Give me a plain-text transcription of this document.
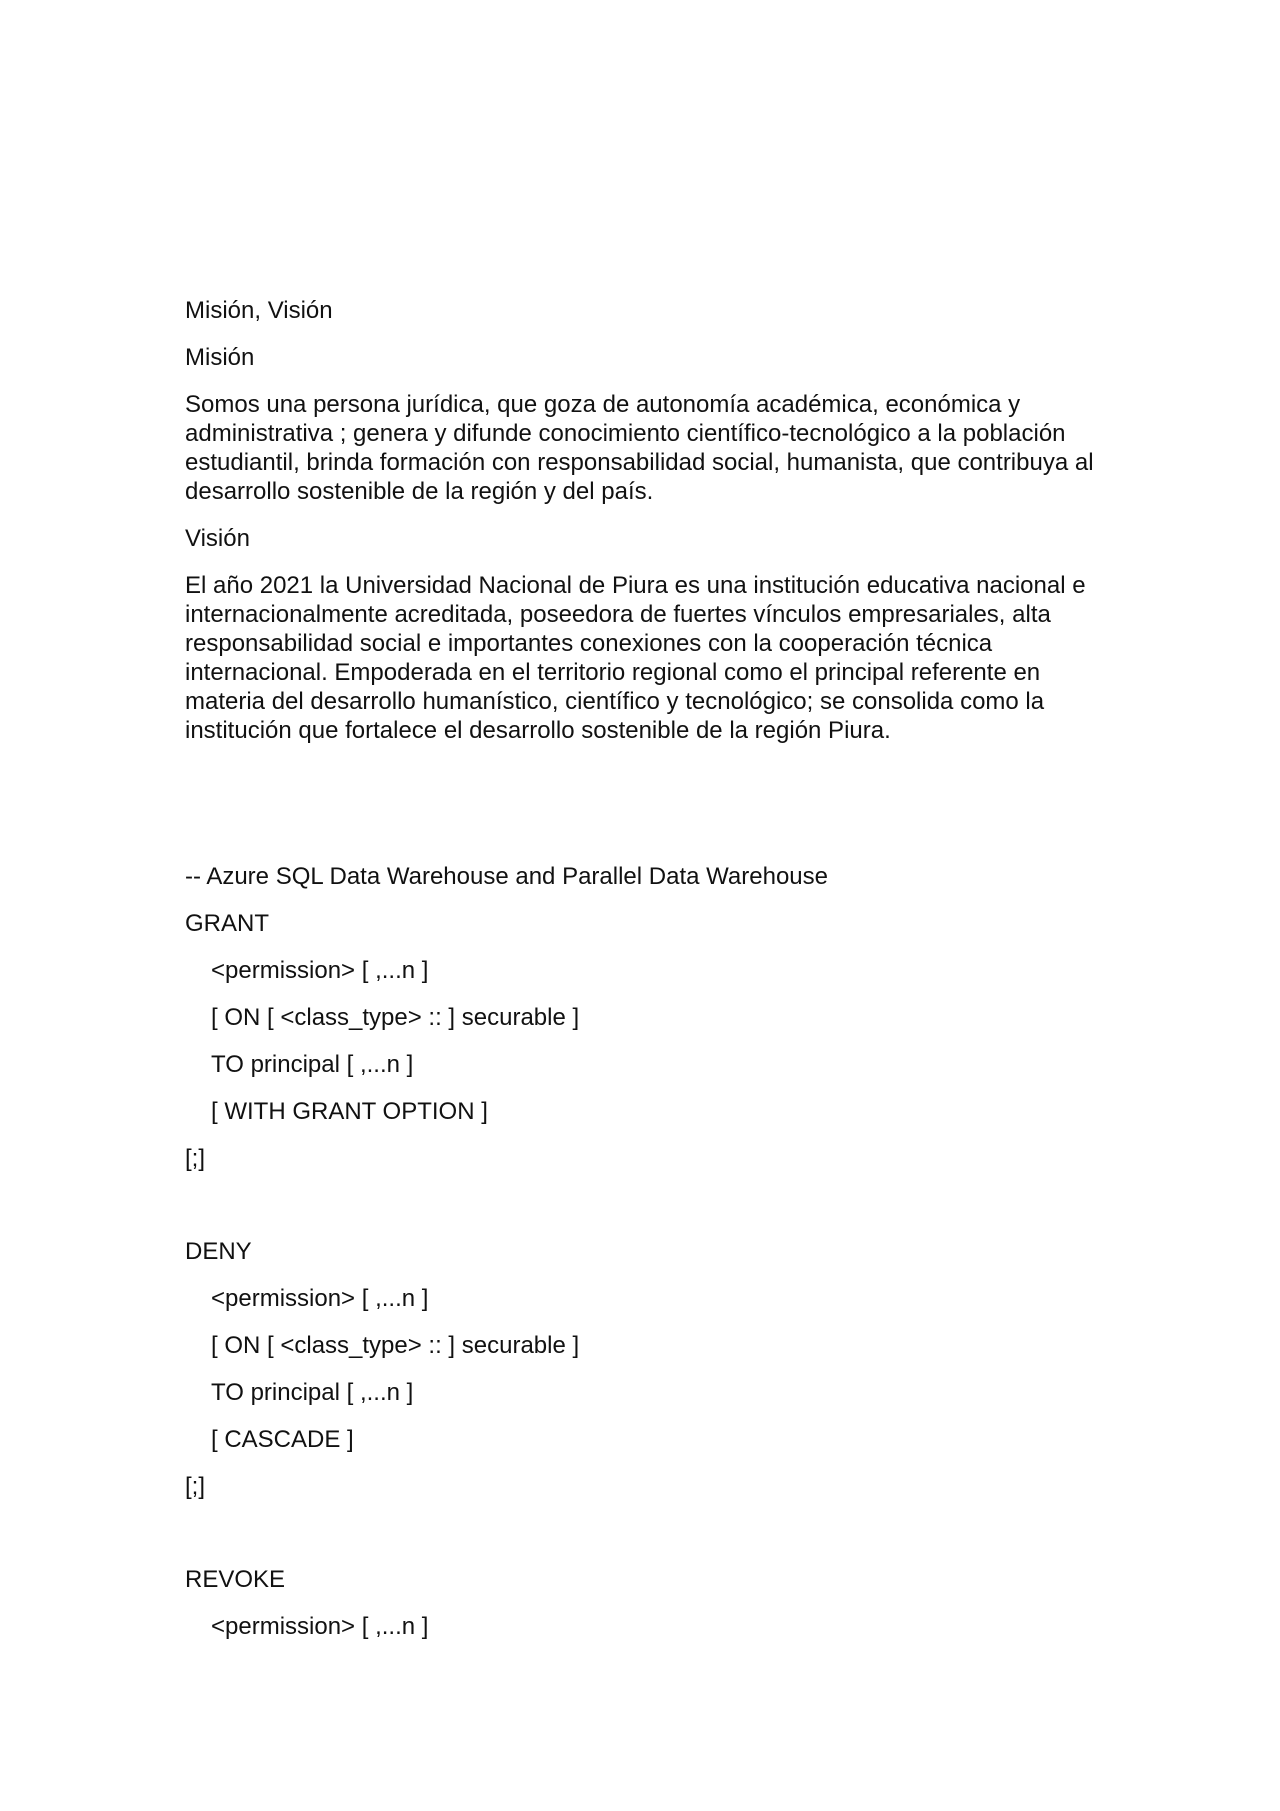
Misión, Visión

Misión

Somos una persona jurídica, que goza de autonomía académica, económica y administrativa ; genera y difunde conocimiento científico-tecnológico a la población estudiantil, brinda formación con responsabilidad social, humanista, que contribuya al desarrollo sostenible de la región y del país.

Visión

El año 2021 la Universidad Nacional de Piura es una institución educativa nacional e internacionalmente acreditada, poseedora de fuertes vínculos empresariales, alta responsabilidad social e importantes conexiones con la cooperación técnica internacional. Empoderada en el territorio regional como el principal referente en materia del desarrollo humanístico, científico y tecnológico; se consolida como la institución que fortalece el desarrollo sostenible de la región Piura.

-- Azure SQL Data Warehouse and Parallel Data Warehouse

GRANT

<permission> [ ,...n ]

[ ON [ <class_type> :: ] securable ]

TO principal [ ,...n ]

[ WITH GRANT OPTION ]

[;]

DENY

<permission> [ ,...n ]

[ ON [ <class_type> :: ] securable ]

TO principal [ ,...n ]

[ CASCADE ]

[;]

REVOKE

<permission> [ ,...n ]
